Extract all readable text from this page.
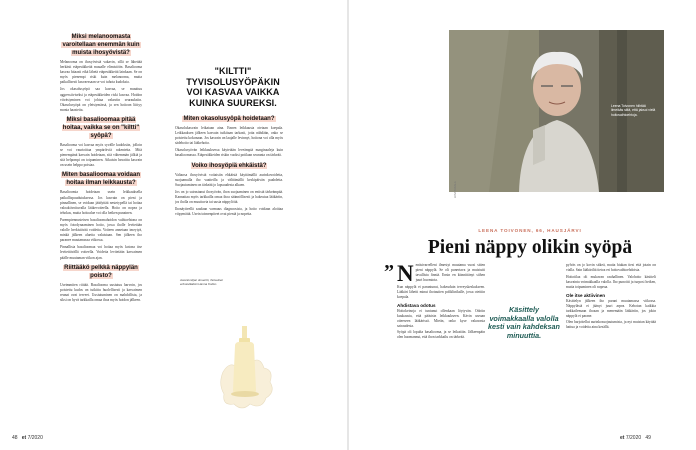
Miksi melanoomasta varoitellaan enemmän kuin muista ihosyövistä?

Melanooma on ihosyövistä vakavin, sillä se lähettää herkästi etäpesäkkeitä muualle elimistöön. Basaliooma kasvaa hitaasti eikä lähetä etäpesäkkeitä lainkaan. Se on myös pienempi riski kuin melanooma, mutta paikallisesti kasvaessaan se voi tuhota kudoksia.

Jos okasolusyöpä saa kasvaa, se muuttuu aggressiiviseksi ja etäpesäkkeiden riski kasvaa. Hoidon viivästyminen voi johtaa vakaviin seurauksiin. Okasolusyöpä on yleistymässä, ja sen hoitoon liittyy monia haasteita.

Miksi basalioomaa pitää hoitaa, vaikka se on "kiltti" syöpä?

Basaliooma voi kasvaa myös syvälle kudoksiin, jolloin se voi vaurioittaa ympäröiviä rakenteita. Mitä pienempänä kasvain hoidetaan, sitä vähemmän jälkiä ja sitä helpompi on toipuminen. Aikaisin havaittu kasvain on usein helppo poistaa.

Miten basalioomaa voidaan hoitaa ilman leikkausta?

Basalioomia hoidetaan usein leikkauksella paikallispuudutuksessa. Jos kasvain on pieni ja pinnallinen, se voidaan jäädyttää nestetypellä tai hoitaa valoaktivoituvalla lääkevoiteella. Hoito on nopea ja tehokas, mutta hoitoalue voi olla hetken punainen.

Parempiennusteisen basalioomahoidon vaihtoehtona on myös fotodynaaminen hoito, jossa iholle levitetään valolle herkistävää voidetta. Voiteen annetaan imeytyä, minkä jälkeen aluetta valaistaan. Sen jälkeen iho paranee muutamassa viikossa.

Pinnallista basalioomaa voi hoitaa myös kotona itse levitettävällä voiteella. Voidetta levitetään kasvaimen päälle muutaman viikon ajan.

Riittääkö pelkkä näppylän poisto?

Useimmiten riittää. Basaliooma uusiutuu harvoin, jos poistettu kudos on tutkittu huolellisesti ja kasvaimen reunat ovat terveet. Uusiutuminen on mahdollista, ja siksi on hyvä tarkkailla omaa ihoa myös hoidon jälkeen.

"KILTTI" TYVISOLUSYÖPÄKIN VOI KASVAA VAIKKA KUINKA SUUREKSI.
Miten okasolusyöpä hoidetaan?

Okasolukasvain leikataan aina. Ennen leikkausta otetaan koepala. Leikkauksen jälkeen kasvain tutkitaan tarkasti, jotta nähdään, onko se poistettu kokonaan. Jos kasvain on laajalle levinnyt, hoitona voi olla myös sädehoito tai lääkehoito.

Okasolusyövän leikkauksessa käytetään leveämpiä marginaaleja kuin basalioomassa. Etäpesäkkeiden riskin vuoksi potilaan seuranta on tärkeää.

Voiko ihosyöpiä ehkäistä?

Valtaosa ihosyövistä voitaisiin ehkäistä käyttämällä aurinkovoidetta, suojaamalla iho vaatteilla ja välttämällä keskipäivän paahdetta. Suojautuminen on tärkeää jo lapsuudesta alkaen.

Jos on jo sairastanut ihosyövän, ihon suojaaminen on entistä tärkeämpää. Kannattaa myös tarkkailla omaa ihoa säännöllisesti ja hakeutua lääkäriin, jos iholla on muuttuvia tai uusia näppylöitä.

Ihonäytteellä saadaan varmuus diagnoosista, ja hoito voidaan aloittaa viipymättä. Usein toimenpiteet ovat pieniä ja nopeita.

Asiantuntijan dosentti, ihotautien erikoislääkäri Hanna Kokko.
48 et 7/2020
Leena Toivonen hiihtää ilmeikäs siitä, että jaksoi vielä hoitovaihtoehtoja.
LIISA TAKALA
LEENA TOIVONEN, 66, HAUSJÄRVI
Pieni näppy olikin syöpä
” Nenäsivarrelleni ilmestyi muutama vuosi sitten pieni näppylä. Se oli punertava ja muistutti tavallista finniä. Ensin en kiinnittänyt siihen juuri huomiota.

Kun näppylä ei parantunut, hakeuduin terveyskeskukseen. Lääkäri lähetti minut ihotautien poliklinikalle, jossa otettiin koepala.

Ahdistava odotus

Hoitokeinoja ei tuntunut ollenkaan löytyvän. Odotin kuukausia, että pääsisin leikkaukseen. Kävin useaan otteeseen lääkärissä. Mietin, onko kyse vakavasta sairaudesta.

Syöpä oli lopulta basaliooma, ja se leikattiin. Jälkeenpäin olen huomannut, että ihon tarkkailu on tärkeää.

Käsittely voimakkaalla valolla kesti vain kahdeksan minuuttia.

pylväs on jo kovin sitkeä, mutta hiukan tiesi että jotain on vialla. Sain lääkäriltä tietoa eri hoitovaihtoehdoista.

Hoitotilaa oli mukavan rauhallinen. Valohoito käsitteli kasvainta voimakkaalla valolla. Iho punoitti ja turposi hetken, mutta toipuminen oli nopeaa.

Ole itse aktiivinen

Käsittelyn jälkeen iho parani muutamassa viikossa. Näppylästä ei jäänyt juuri arpea. Kehotan kaikkia tarkkailemaan ihoaan ja menemään lääkäriin, jos jokin näppylä ei parane.

Olen harjoitellut aurinkosuojautumista, ja nyt muistan käyttää hattua ja voidetta aina kesällä.

et 7/2020 49
